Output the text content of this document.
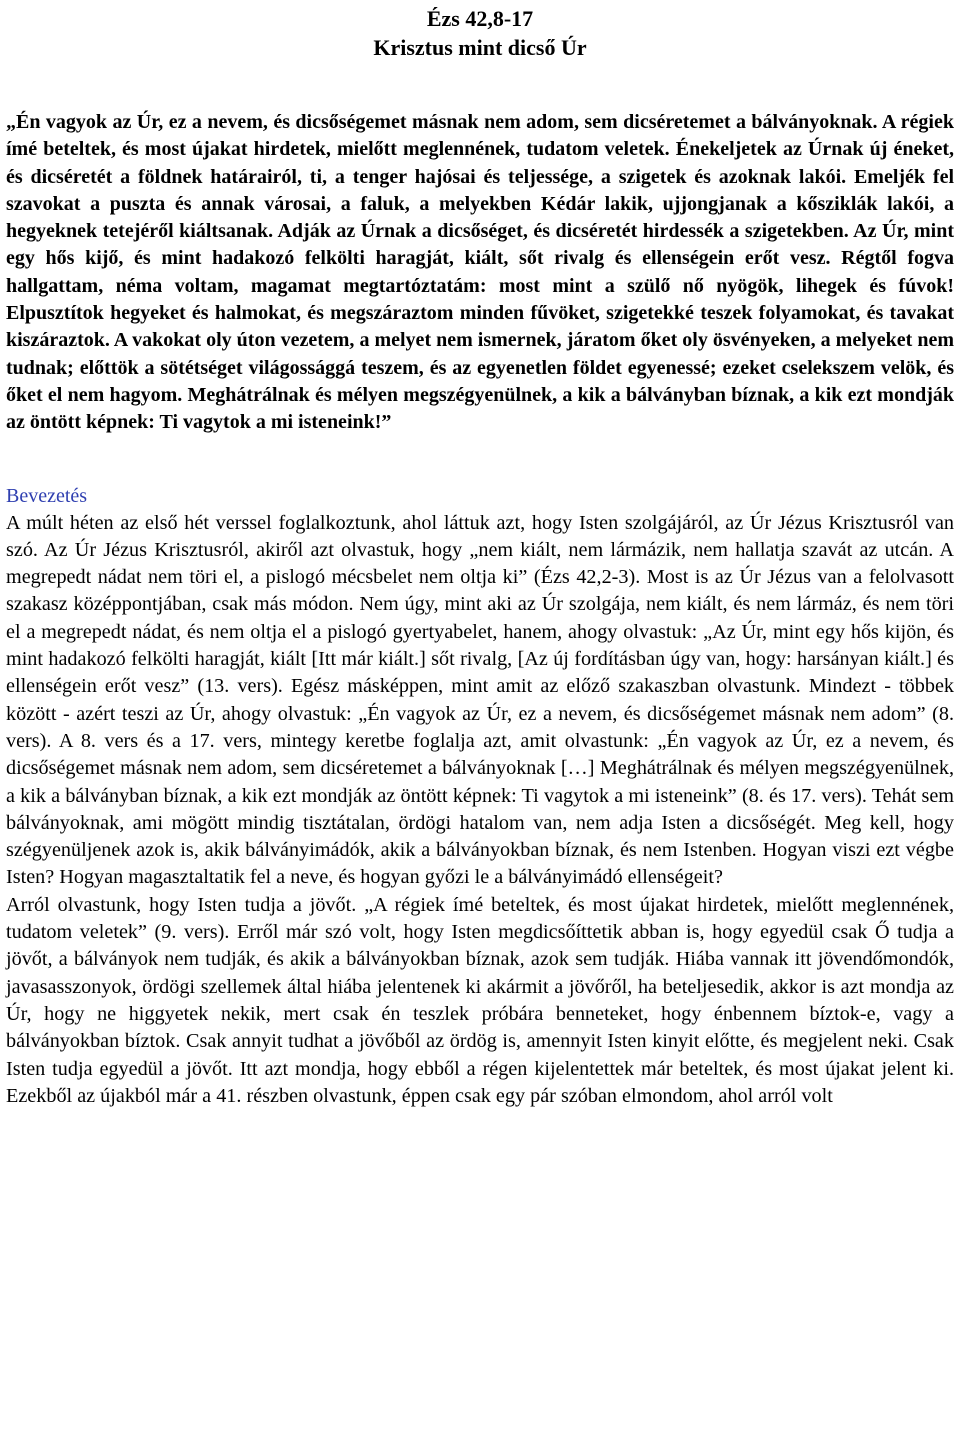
Ézs 42,8-17
Krisztus mint dicső Úr
„Én vagyok az Úr, ez a nevem, és dicsőségemet másnak nem adom, sem dicséretemet a bálványoknak. A régiek ímé beteltek, és most újakat hirdetek, mielőtt meglennének, tudatom veletek. Énekeljetek az Úrnak új éneket, és dicséretét a földnek határairól, ti, a tenger hajósai és teljessége, a szigetek és azoknak lakói. Emeljék fel szavokat a puszta és annak városai, a faluk, a melyekben Kédár lakik, ujjongjanak a kősziklák lakói, a hegyeknek tetejéről kiáltsanak. Adják az Úrnak a dicsőséget, és dicséretét hirdessék a szigetekben. Az Úr, mint egy hős kijő, és mint hadakozó felkölti haragját, kiált, sőt rivalg és ellenségein erőt vesz. Régtől fogva hallgattam, néma voltam, magamat megtartóztatám: most mint a szülő nő nyögök, lihegek és fúvok! Elpusztítok hegyeket és halmokat, és megszáraztom minden fűvöket, szigetekké teszek folyamokat, és tavakat kiszáraztok. A vakokat oly úton vezetem, a melyet nem ismernek, járatom őket oly ösvényeken, a melyeket nem tudnak; előttök a sötétséget világossággá teszem, és az egyenetlen földet egyenessé; ezeket cselekszem velök, és őket el nem hagyom. Meghátrálnak és mélyen megszégyenülnek, a kik a bálványban bíznak, a kik ezt mondják az öntött képnek: Ti vagytok a mi isteneink!”
Bevezetés

A múlt héten az első hét verssel foglalkoztunk, ahol láttuk azt, hogy Isten szolgájáról, az Úr Jézus Krisztusról van szó. Az Úr Jézus Krisztusról, akiről azt olvastuk, hogy „nem kiált, nem lármázik, nem hallatja szavát az utcán. A megrepedt nádat nem töri el, a pislogó mécsbelet nem oltja ki” (Ézs 42,2-3). Most is az Úr Jézus van a felolvasott szakasz középpontjában, csak más módon. Nem úgy, mint aki az Úr szolgája, nem kiált, és nem lármáz, és nem töri el a megrepedt nádat, és nem oltja el a pislogó gyertyabelet, hanem, ahogy olvastuk: „Az Úr, mint egy hős kijön, és mint hadakozó felkölti haragját, kiált [Itt már kiált.] sőt rivalg, [Az új fordításban úgy van, hogy: harsányan kiált.] és ellenségein erőt vesz” (13. vers). Egész másképpen, mint amit az előző szakaszban olvastunk. Mindezt - többek között - azért teszi az Úr, ahogy olvastuk: „Én vagyok az Úr, ez a nevem, és dicsőségemet másnak nem adom” (8. vers). A 8. vers és a 17. vers, mintegy keretbe foglalja azt, amit olvastunk: „Én vagyok az Úr, ez a nevem, és dicsőségemet másnak nem adom, sem dicséretemet a bálványoknak […] Meghátrálnak és mélyen megszégyenülnek, a kik a bálványban bíznak, a kik ezt mondják az öntött képnek: Ti vagytok a mi isteneink” (8. és 17. vers). Tehát sem bálványoknak, ami mögött mindig tisztátalan, ördögi hatalom van, nem adja Isten a dicsőségét. Meg kell, hogy szégyenüljenek azok is, akik bálványimádók, akik a bálványokban bíznak, és nem Istenben. Hogyan viszi ezt végbe Isten? Hogyan magasztaltatik fel a neve, és hogyan győzi le a bálványimádó ellenségeit?

Arról olvastunk, hogy Isten tudja a jövőt. „A régiek ímé beteltek, és most újakat hirdetek, mielőtt meglennének, tudatom veletek” (9. vers). Erről már szó volt, hogy Isten megdicsőíttetik abban is, hogy egyedül csak Ő tudja a jövőt, a bálványok nem tudják, és akik a bálványokban bíznak, azok sem tudják. Hiába vannak itt jövendőmondók, javasasszonyok, ördögi szellemek által hiába jelentenek ki akármit a jövőről, ha beteljesedik, akkor is azt mondja az Úr, hogy ne higgyetek nekik, mert csak én teszlek próbára benneteket, hogy énbennem bíztok-e, vagy a bálványokban bíztok. Csak annyit tudhat a jövőből az ördög is, amennyit Isten kinyit előtte, és megjelent neki. Csak Isten tudja egyedül a jövőt. Itt azt mondja, hogy ebből a régen kijelentettek már beteltek, és most újakat jelent ki. Ezekből az újakból már a 41. részben olvastunk, éppen csak egy pár szóban elmondom, ahol arról volt
